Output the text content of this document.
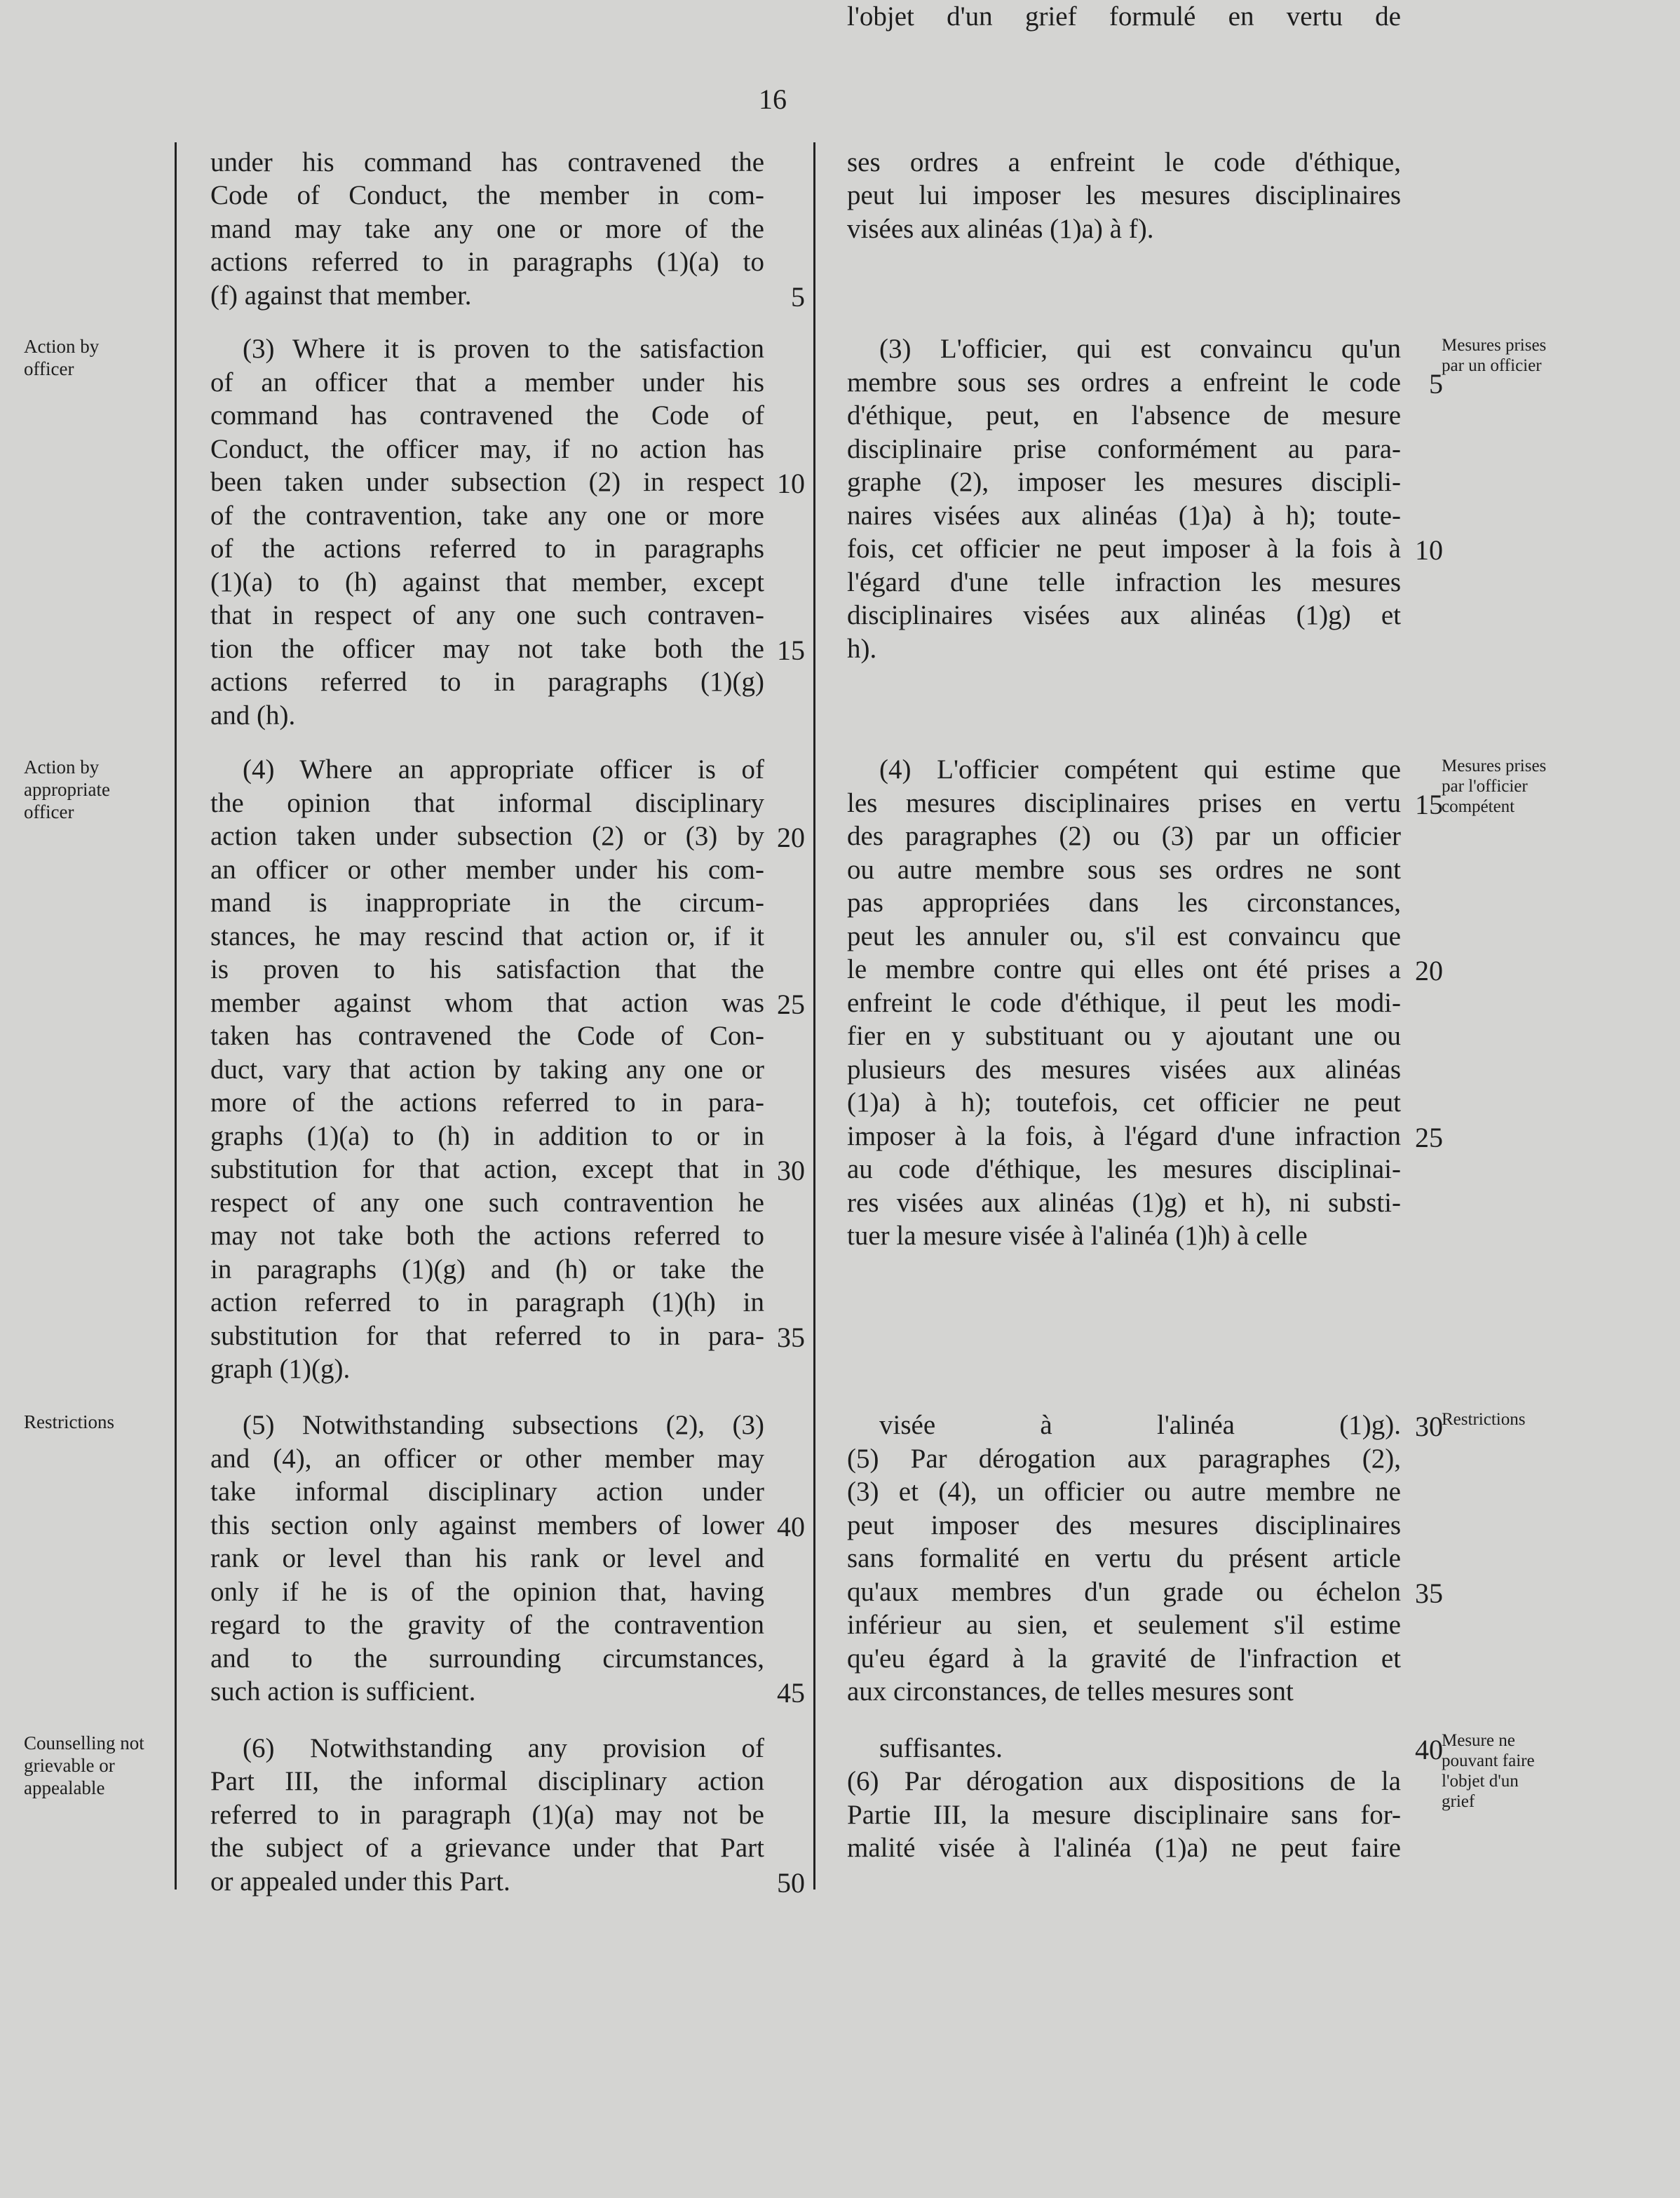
16
Action by
officer
Action by
appropriate
officer
Restrictions
Counselling not
grievable or
appealable
Mesures prises
par un officier
Mesures prises
par l'officier
compétent
Restrictions
Mesure ne
pouvant faire
l'objet d'un
grief
under his command has contravened the
Code of Conduct, the member in com-
mand may take any one or more of the
actions referred to in paragraphs (1)(a) to
(f) against that member.
(3) Where it is proven to the satisfaction
of an officer that a member under his
command has contravened the Code of
Conduct, the officer may, if no action has
been taken under subsection (2) in respect
of the contravention, take any one or more
of the actions referred to in paragraphs
(1)(a) to (h) against that member, except
that in respect of any one such contraven-
tion the officer may not take both the
actions referred to in paragraphs (1)(g)
and (h).
(4) Where an appropriate officer is of
the opinion that informal disciplinary
action taken under subsection (2) or (3) by
an officer or other member under his com-
mand is inappropriate in the circum-
stances, he may rescind that action or, if it
is proven to his satisfaction that the
member against whom that action was
taken has contravened the Code of Con-
duct, vary that action by taking any one or
more of the actions referred to in para-
graphs (1)(a) to (h) in addition to or in
substitution for that action, except that in
respect of any one such contravention he
may not take both the actions referred to
in paragraphs (1)(g) and (h) or take the
action referred to in paragraph (1)(h) in
substitution for that referred to in para-
graph (1)(g).
(5) Notwithstanding subsections (2), (3)
and (4), an officer or other member may
take informal disciplinary action under
this section only against members of lower
rank or level than his rank or level and
only if he is of the opinion that, having
regard to the gravity of the contravention
and to the surrounding circumstances,
such action is sufficient.
(6) Notwithstanding any provision of
Part III, the informal disciplinary action
referred to in paragraph (1)(a) may not be
the subject of a grievance under that Part
or appealed under this Part.
ses ordres a enfreint le code d'éthique,
peut lui imposer les mesures disciplinaires
visées aux alinéas (1)a) à f).
(3) L'officier, qui est convaincu qu'un
membre sous ses ordres a enfreint le code
d'éthique, peut, en l'absence de mesure
disciplinaire prise conformément au para-
graphe (2), imposer les mesures discipli-
naires visées aux alinéas (1)a) à h); toute-
fois, cet officier ne peut imposer à la fois à
l'égard d'une telle infraction les mesures
disciplinaires visées aux alinéas (1)g) et
h).
(4) L'officier compétent qui estime que
les mesures disciplinaires prises en vertu
des paragraphes (2) ou (3) par un officier
ou autre membre sous ses ordres ne sont
pas appropriées dans les circonstances,
peut les annuler ou, s'il est convaincu que
le membre contre qui elles ont été prises a
enfreint le code d'éthique, il peut les modi-
fier en y substituant ou y ajoutant une ou
plusieurs des mesures visées aux alinéas
(1)a) à h); toutefois, cet officier ne peut
imposer à la fois, à l'égard d'une infraction
au code d'éthique, les mesures disciplinai-
res visées aux alinéas (1)g) et h), ni substi-
tuer la mesure visée à l'alinéa (1)h) à celle
visée à l'alinéa (1)g).
(5) Par dérogation aux paragraphes (2),
(3) et (4), un officier ou autre membre ne
peut imposer des mesures disciplinaires
sans formalité en vertu du présent article
qu'aux membres d'un grade ou échelon
inférieur au sien, et seulement s'il estime
qu'eu égard à la gravité de l'infraction et
aux circonstances, de telles mesures sont
suffisantes.
(6) Par dérogation aux dispositions de la
Partie III, la mesure disciplinaire sans for-
malité visée à l'alinéa (1)a) ne peut faire
l'objet d'un grief formulé en vertu de
5
10
15
20
25
30
35
40
45
50
5
10
15
20
25
30
35
40
